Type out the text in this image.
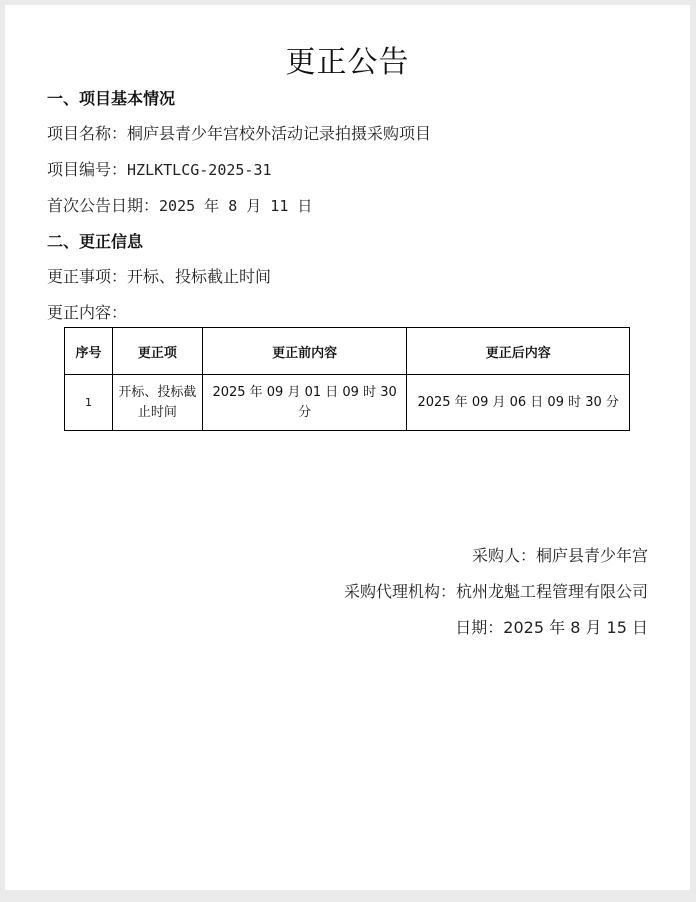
更正公告
一、项目基本情况
项目名称：桐庐县青少年宫校外活动记录拍摄采购项目
项目编号：HZLKTLCG-2025-31
首次公告日期：2025 年 8 月 11 日
二、更正信息
更正事项：开标、投标截止时间
更正内容：
序号	更正项	更正前内容	更正后内容
1	开标、投标截止时间	2025 年 09 月 01 日 09 时 30 分	2025 年 09 月 06 日 09 时 30 分
采购人：桐庐县青少年宫
采购代理机构：杭州龙魁工程管理有限公司
日期：2025 年 8 月 15 日
